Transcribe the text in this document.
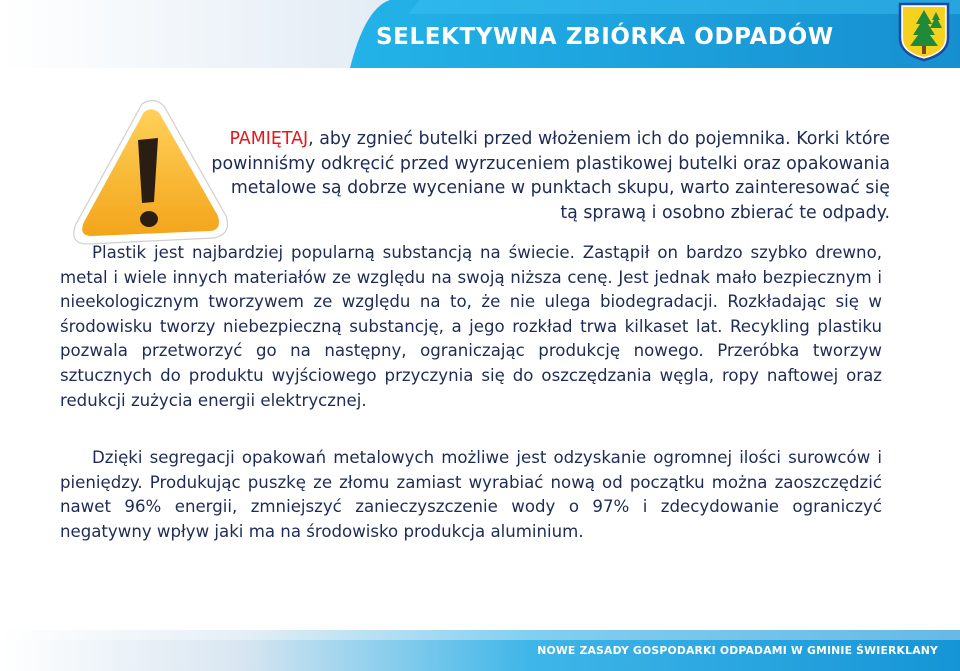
SELEKTYWNA ZBIÓRKA ODPADÓW
PAMIĘTAJ, aby zgnieć butelki przed włożeniem ich do pojemnika. Korki które powinniśmy odkręcić przed wyrzuceniem plastikowej butelki oraz opakowania metalowe są dobrze wyceniane w punktach skupu, warto zainteresować się tą sprawą i osobno zbierać te odpady.
Plastik jest najbardziej popularną substancją na świecie. Zastąpił on bardzo szybko drewno, metal i wiele innych materiałów ze względu na swoją niższa cenę. Jest jednak mało bezpiecznym i nieekologicznym tworzywem ze względu na to, że nie ulega biodegradacji. Rozkładając się w środowisku tworzy niebezpieczną substancję, a jego rozkład trwa kilkaset lat. Recykling plastiku pozwala przetworzyć go na następny, ograniczając produkcję nowego. Przeróbka tworzyw sztucznych do produktu wyjściowego przyczynia się do oszczędzania węgla, ropy naftowej oraz redukcji zużycia energii elektrycznej.
Dzięki segregacji opakowań metalowych możliwe jest odzyskanie ogromnej ilości surowców i pieniędzy. Produkując puszkę ze złomu zamiast wyrabiać nową od początku można zaoszczędzić nawet 96% energii, zmniejszyć zanieczyszczenie wody o 97% i zdecydowanie ograniczyć negatywny wpływ jaki ma na środowisko produkcja aluminium.
NOWE ZASADY GOSPODARKI ODPADAMI W GMINIE ŚWIERKLANY
